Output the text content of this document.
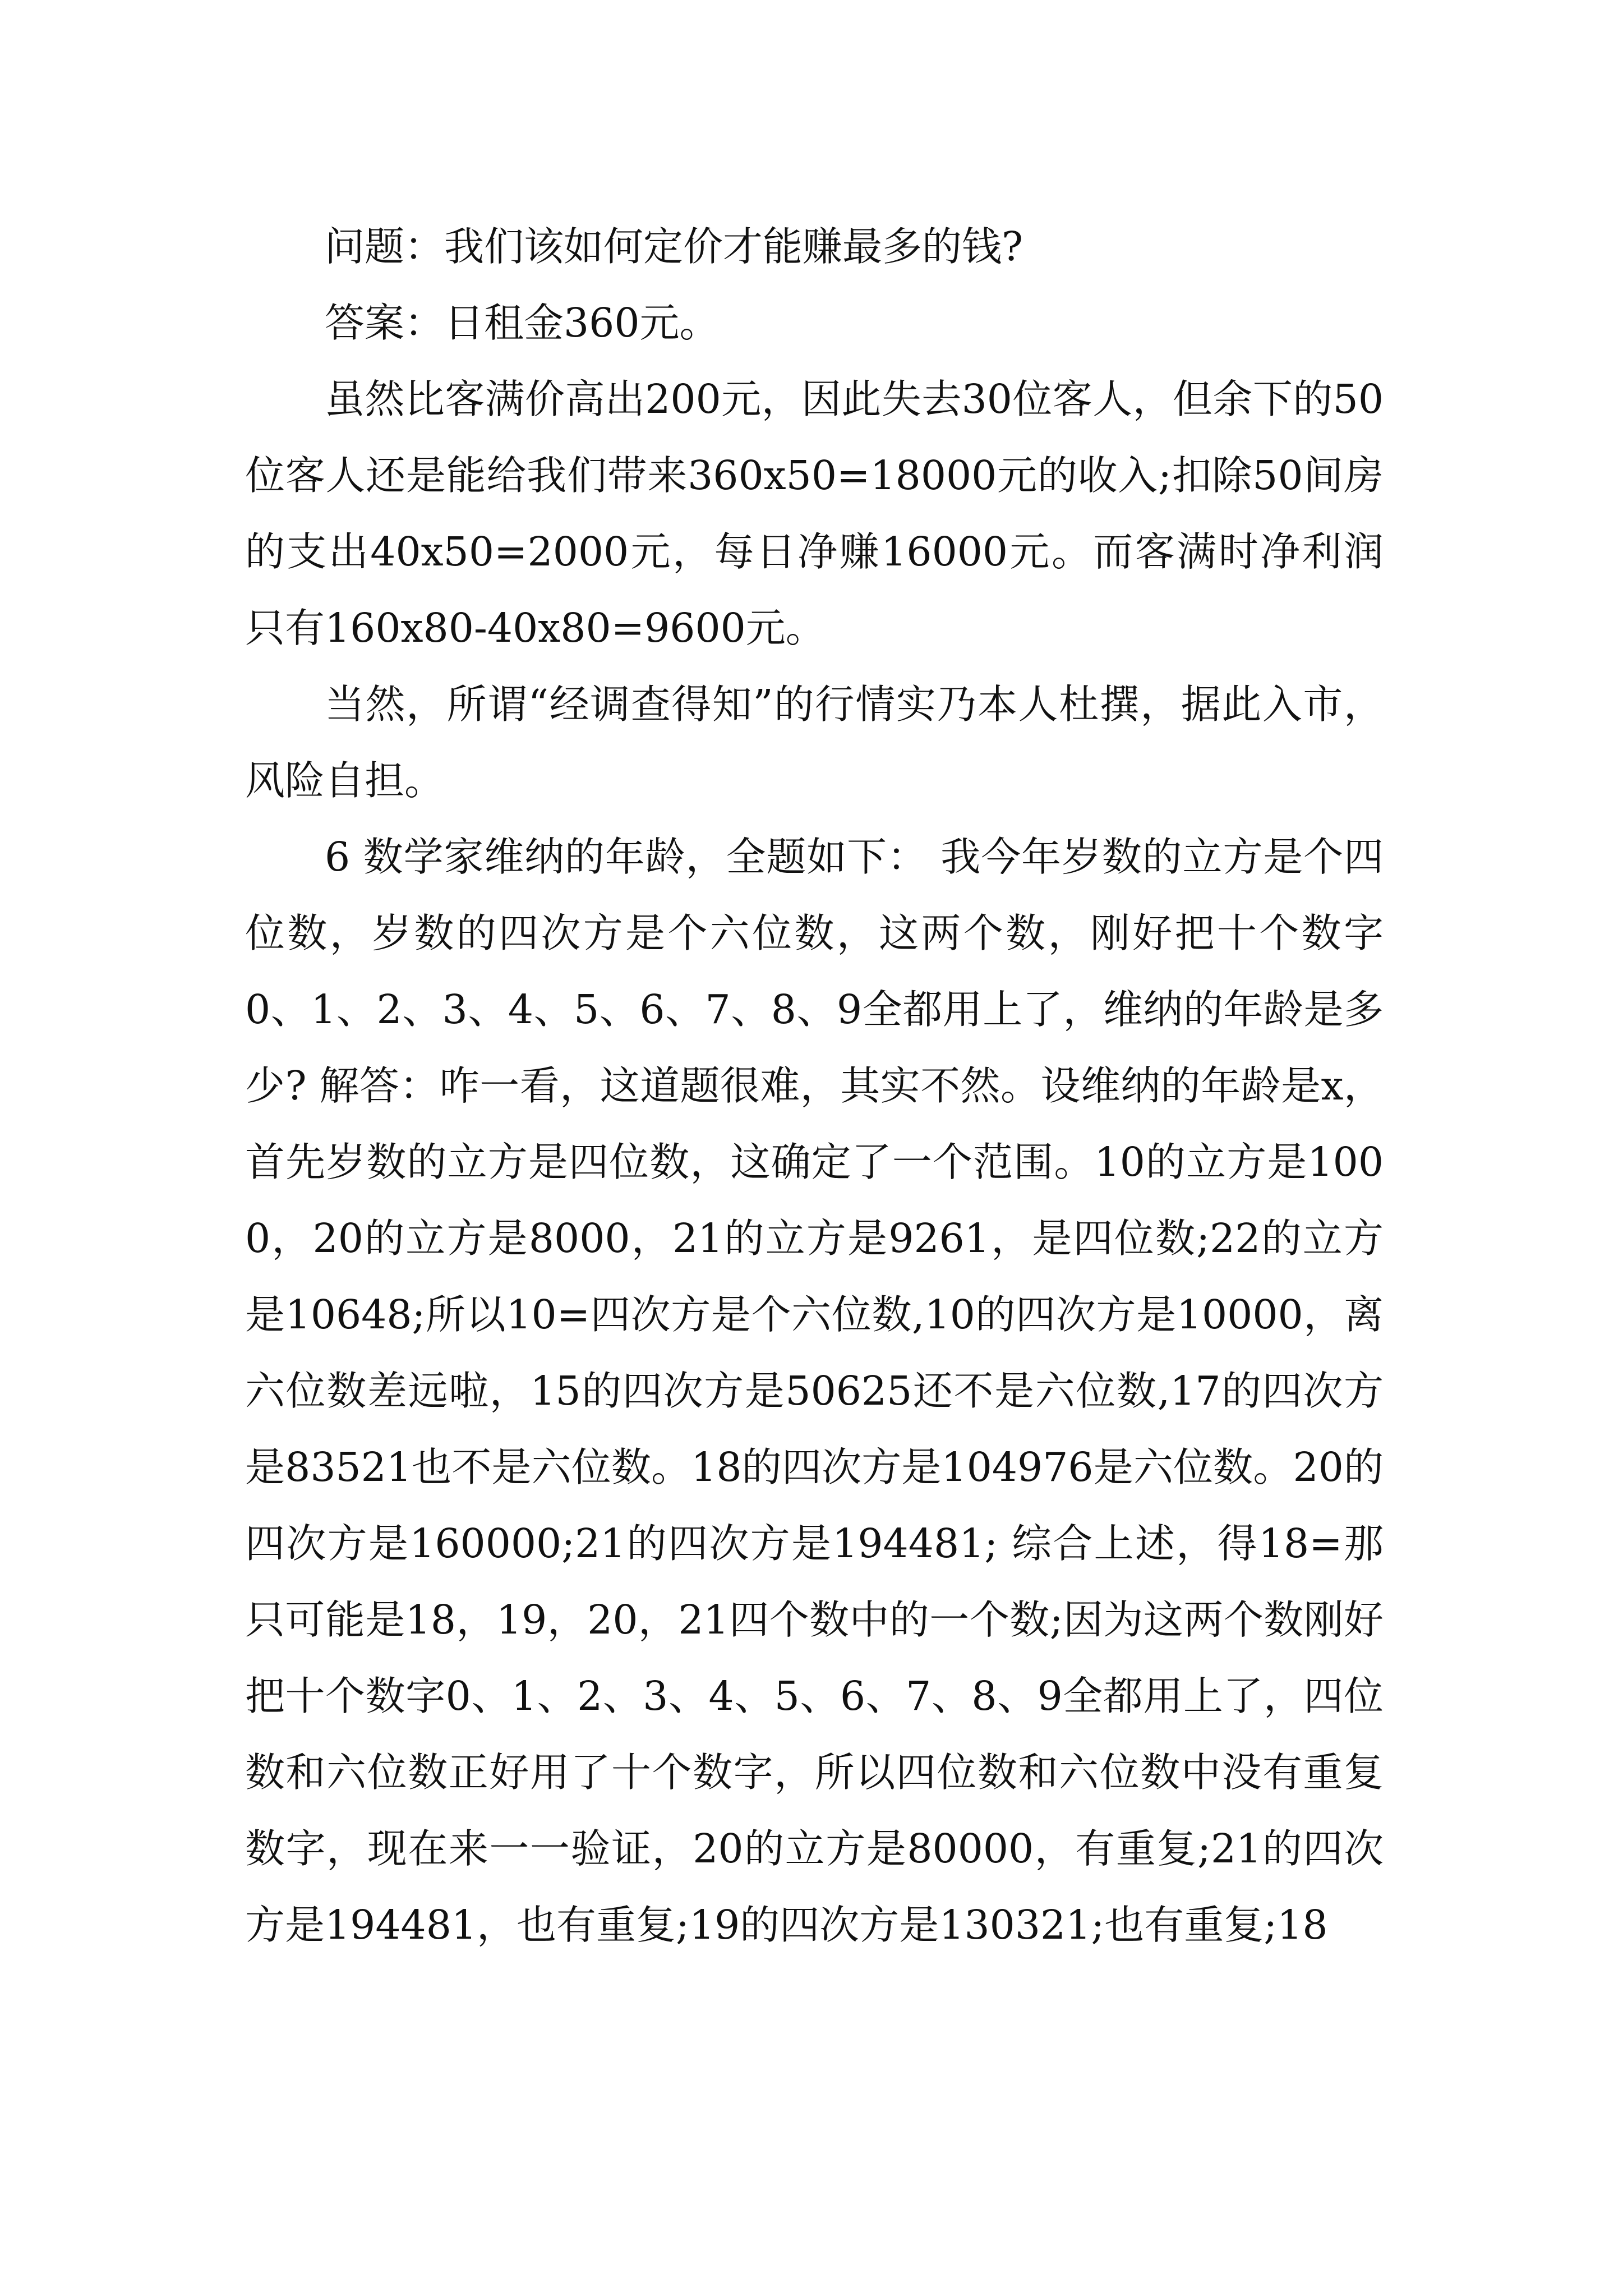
问题：我们该如何定价才能赚最多的钱?

答案：日租金360元。

虽然比客满价高出200元，因此失去30位客人，但余下的50位客人还是能给我们带来360x50=18000元的收入;扣除50间房的支出40x50=2000元，每日净赚16000元。而客满时净利润只有160x80-40x80=9600元。

当然，所谓“经调查得知”的行情实乃本人杜撰，据此入市，风险自担。

6 数学家维纳的年龄，全题如下： 我今年岁数的立方是个四位数，岁数的四次方是个六位数，这两个数，刚好把十个数字0、1、2、3、4、5、6、7、8、9全都用上了，维纳的年龄是多少? 解答：咋一看，这道题很难，其实不然。设维纳的年龄是x，首先岁数的立方是四位数，这确定了一个范围。10的立方是1000，20的立方是8000，21的立方是9261，是四位数;22的立方是10648;所以10=四次方是个六位数,10的四次方是10000，离六位数差远啦，15的四次方是50625还不是六位数,17的四次方是83521也不是六位数。18的四次方是104976是六位数。20的四次方是160000;21的四次方是194481; 综合上述，得18=那只可能是18，19，20，21四个数中的一个数;因为这两个数刚好把十个数字0、1、2、3、4、5、6、7、8、9全都用上了，四位数和六位数正好用了十个数字，所以四位数和六位数中没有重复数字，现在来一一验证，20的立方是80000，有重复;21的四次方是194481，也有重复;19的四次方是130321;也有重复;18
